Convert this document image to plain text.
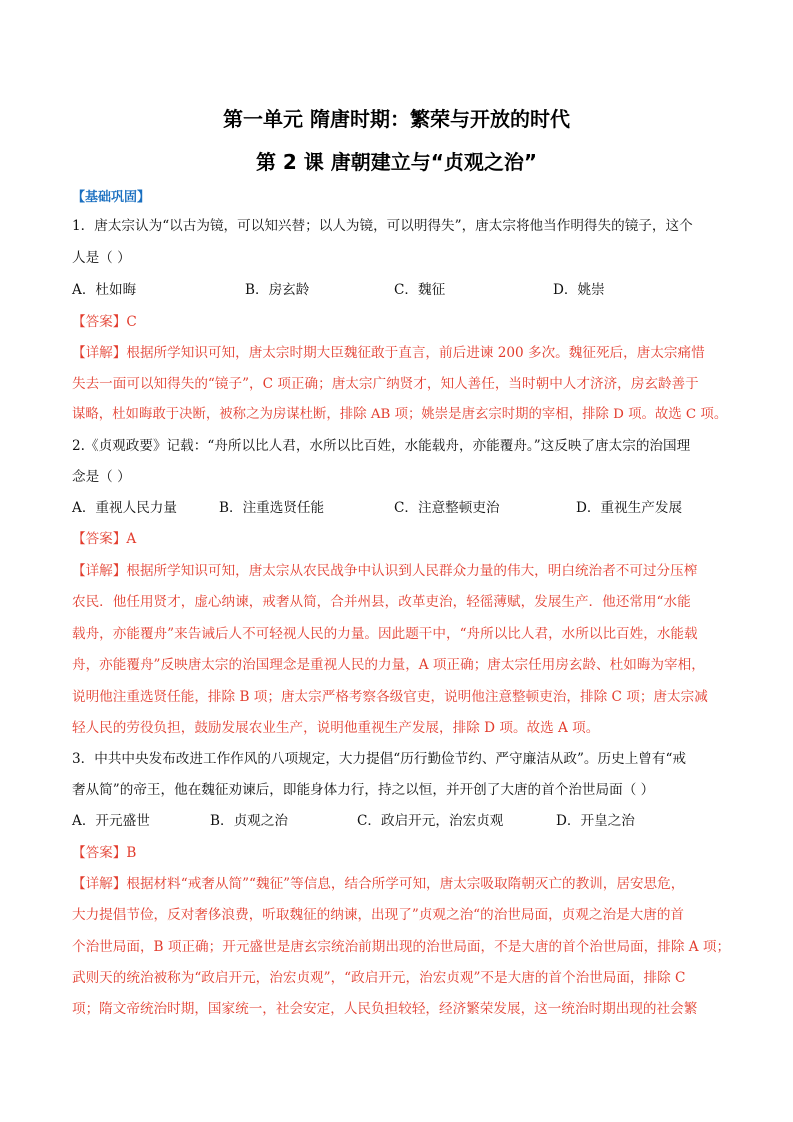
第一单元 隋唐时期：繁荣与开放的时代
第 2 课 唐朝建立与“贞观之治”
【基础巩固】
1．唐太宗认为“以古为镜，可以知兴替；以人为镜，可以明得失”，唐太宗将他当作明得失的镜子，这个
人是（ ）
A．杜如晦	B．房玄龄	C．魏征	D．姚崇
【答案】C
【详解】根据所学知识可知，唐太宗时期大臣魏征敢于直言，前后进谏 200 多次。魏征死后，唐太宗痛惜
失去一面可以知得失的“镜子”，C 项正确；唐太宗广纳贤才，知人善任，当时朝中人才济济，房玄龄善于
谋略，杜如晦敢于决断，被称之为房谋杜断，排除 AB 项；姚崇是唐玄宗时期的宰相，排除 D 项。故选 C 项。
2.《贞观政要》记载：“舟所以比人君，水所以比百姓，水能载舟，亦能覆舟。”这反映了唐太宗的治国理
念是（ ）
A．重视人民力量	B．注重选贤任能	C．注意整顿吏治	D．重视生产发展
【答案】A
【详解】根据所学知识可知，唐太宗从农民战争中认识到人民群众力量的伟大，明白统治者不可过分压榨
农民．他任用贤才，虚心纳谏，戒奢从简，合并州县，改革吏治，轻徭薄赋，发展生产．他还常用“水能
载舟，亦能覆舟”来告诫后人不可轻视人民的力量。因此题干中，“舟所以比人君，水所以比百姓，水能载
舟，亦能覆舟”反映唐太宗的治国理念是重视人民的力量，A 项正确；唐太宗任用房玄龄、杜如晦为宰相，
说明他注重选贤任能，排除 B 项；唐太宗严格考察各级官吏，说明他注意整顿吏治，排除 C 项；唐太宗减
轻人民的劳役负担，鼓励发展农业生产，说明他重视生产发展，排除 D 项。故选 A 项。
3．中共中央发布改进工作作风的八项规定，大力提倡“历行勤俭节约、严守廉洁从政”。历史上曾有“戒
奢从简”的帝王，他在魏征劝谏后，即能身体力行，持之以恒，并开创了大唐的首个治世局面（ ）
A．开元盛世	B．贞观之治	C．政启开元，治宏贞观	D．开皇之治
【答案】B
【详解】根据材料“戒奢从简”“魏征”等信息，结合所学可知，唐太宗吸取隋朝灭亡的教训，居安思危，
大力提倡节俭，反对奢侈浪费，听取魏征的纳谏，出现了”贞观之治“的治世局面，贞观之治是大唐的首
个治世局面，B 项正确；开元盛世是唐玄宗统治前期出现的治世局面，不是大唐的首个治世局面，排除 A 项；
武则天的统治被称为“政启开元，治宏贞观”，“政启开元，治宏贞观”不是大唐的首个治世局面，排除 C
项；隋文帝统治时期，国家统一，社会安定，人民负担较轻，经济繁荣发展，这一统治时期出现的社会繁
